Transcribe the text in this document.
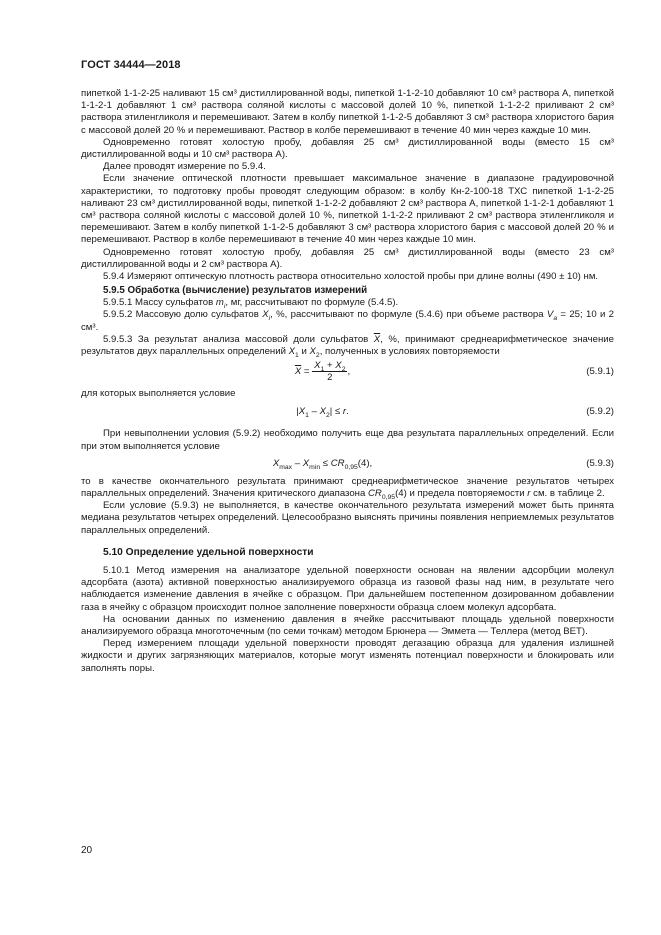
ГОСТ 34444—2018

пипеткой 1-1-2-25 наливают 15 см³ дистиллированной воды, пипеткой 1-1-2-10 добавляют 10 см³ раствора А, пипеткой 1-1-2-1 добавляют 1 см³ раствора соляной кислоты с массовой долей 10 %, пипеткой 1-1-2-2 приливают 2 см³ раствора этиленгликоля и перемешивают. Затем в колбу пипеткой 1-1-2-5 добавляют 3 см³ раствора хлористого бария с массовой долей 20 % и перемешивают. Раствор в колбе перемешивают в течение 40 мин через каждые 10 мин.

Одновременно готовят холостую пробу, добавляя 25 см³ дистиллированной воды (вместо 15 см³ дистиллированной воды и 10 см³ раствора А).

Далее проводят измерение по 5.9.4.

Если значение оптической плотности превышает максимальное значение в диапазоне градуировочной характеристики, то подготовку пробы проводят следующим образом: в колбу Кн-2-100-18 ТХС пипеткой 1-1-2-25 наливают 23 см³ дистиллированной воды, пипеткой 1-1-2-2 добавляют 2 см³ раствора А, пипеткой 1-1-2-1 добавляют 1 см³ раствора соляной кислоты с массовой долей 10 %, пипеткой 1-1-2-2 приливают 2 см³ раствора этиленгликоля и перемешивают. Затем в колбу пипеткой 1-1-2-5 добавляют 3 см³ раствора хлористого бария с массовой долей 20 % и перемешивают. Раствор в колбе перемешивают в течение 40 мин через каждые 10 мин.

Одновременно готовят холостую пробу, добавляя 25 см³ дистиллированной воды (вместо 23 см³ дистиллированной воды и 2 см³ раствора А).

5.9.4 Измеряют оптическую плотность раствора относительно холостой пробы при длине волны (490 ± 10) нм.

5.9.5 Обработка (вычисление) результатов измерений

5.9.5.1 Массу сульфатов $m_i$, мг, рассчитывают по формуле (5.4.5).

5.9.5.2 Массовую долю сульфатов $X_i$, %, рассчитывают по формуле (5.4.6) при объеме раствора $V_а = 25$; 10 и 2 см³.

5.9.5.3 За результат анализа массовой доли сульфатов $\overline{X}$, %, принимают среднеарифметическое значение результатов двух параллельных определений $X_1$ и $X_2$, полученных в условиях повторяемости

$\overline{X} = \frac{X_1 + X_2}{2}$ ,	(5.9.1)

для которых выполняется условие

$|X_1 - X_2| \le r$.	(5.9.2)

При невыполнении условия (5.9.2) необходимо получить еще два результата параллельных определений. Если при этом выполняется условие

$X_{max} - X_{min} \le CR_{0,95}(4)$,	(5.9.3)

то в качестве окончательного результата принимают среднеарифметическое значение результатов четырех параллельных определений. Значения критического диапазона $CR_{0,95}(4)$ и предела повторяемости r см. в таблице 2.

Если условие (5.9.3) не выполняется, в качестве окончательного результата измерений может быть принята медиана результатов четырех определений. Целесообразно выяснять причины появления неприемлемых результатов параллельных определений.

5.10 Определение удельной поверхности

5.10.1 Метод измерения на анализаторе удельной поверхности основан на явлении адсорбции молекул адсорбата (азота) активной поверхностью анализируемого образца из газовой фазы над ним, в результате чего наблюдается изменение давления в ячейке с образцом. При дальнейшем постепенном дозированном добавлении газа в ячейку с образцом происходит полное заполнение поверхности образца слоем молекул адсорбата.

На основании данных по изменению давления в ячейке рассчитывают площадь удельной поверхности анализируемого образца многоточечным (по семи точкам) методом Брюнера — Эммета — Теллера (метод ВЕТ).

Перед измерением площади удельной поверхности проводят дегазацию образца для удаления излишней жидкости и других загрязняющих материалов, которые могут изменять потенциал поверхности и блокировать или заполнять поры.

20
